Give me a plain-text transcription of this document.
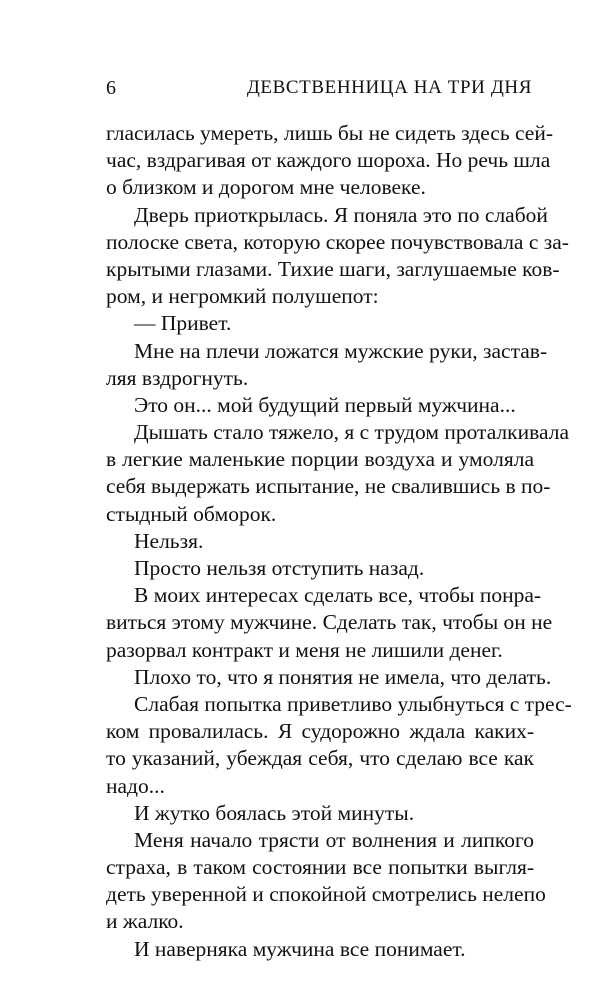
6	ДЕВСТВЕННИЦА НА ТРИ ДНЯ
гласилась умереть, лишь бы не сидеть здесь сей-
час, вздрагивая от каждого шороха. Но речь шла
о близком и дорогом мне человеке.
Дверь приоткрылась. Я поняла это по слабой
полоске света, которую скорее почувствовала с за-
крытыми глазами. Тихие шаги, заглушаемые ков-
ром, и негромкий полушепот:
— Привет.
Мне на плечи ложатся мужские руки, застав-
ляя вздрогнуть.
Это он... мой будущий первый мужчина...
Дышать стало тяжело, я с трудом проталкивала
в легкие маленькие порции воздуха и умоляла
себя выдержать испытание, не свалившись в по-
стыдный обморок.
Нельзя.
Просто нельзя отступить назад.
В моих интересах сделать все, чтобы понра-
виться этому мужчине. Сделать так, чтобы он не
разорвал контракт и меня не лишили денег.
Плохо то, что я понятия не имела, что делать.
Слабая попытка приветливо улыбнуться с трес-
ком провалилась. Я судорожно ждала каких-
то указаний, убеждая себя, что сделаю все как
надо...
И жутко боялась этой минуты.
Меня начало трясти от волнения и липкого
страха, в таком состоянии все попытки выгля-
деть уверенной и спокойной смотрелись нелепо
и жалко.
И наверняка мужчина все понимает.
